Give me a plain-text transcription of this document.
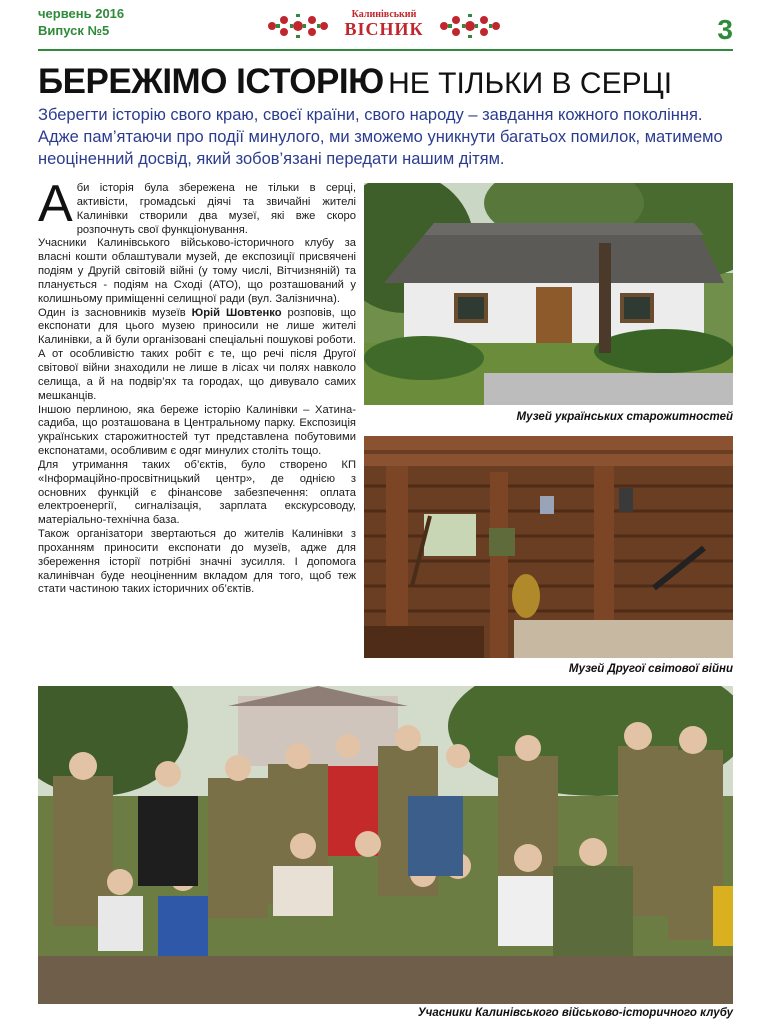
червень 2016
Випуск №5
Калинівський
ВІСНИК	3
БЕРЕЖІМО ІСТОРІЮ НЕ ТІЛЬКИ В СЕРЦІ
Зберегти історію свого краю, своєї країни, свого народу – завдання кожного покоління. Адже пам’ятаючи про події минулого, ми зможемо уникнути багатьох помилок, матимемо неоціненний досвід, який зобов’язані передати нашим дітям.

Аби історія була збережена не тільки в серці, активісти, громадські діячі та звичайні жителі Калинівки створили два музеї, які вже скоро розпочнуть свої функціонування.

Учасники Калинівського військово-історичного клубу за власні кошти облаштували музей, де експозиції присвячені подіям у Другій світовій війні (у тому числі, Вітчизняній) та планується - подіям на Сході (АТО), що розташований у колишньому приміщенні селищної ради (вул. Залізнична).

Один із засновників музеїв Юрій Шовтенко розповів, що експонати для цього музею приносили не лише жителі Калинівки, а й були організовані спеціальні пошукові роботи. А от особливістю таких робіт є те, що речі після Другої світової війни знаходили не лише в лісах чи полях навколо селища, а й на подвір’ях та городах, що дивувало самих мешканців.

Іншою перлиною, яка береже історію Калинівки – Хатина-садиба, що розташована в Центральному парку. Експозиція українських старожитностей тут представлена побутовими експонатами, особливим є одяг минулих століть тощо.

Для утримання таких об’єктів, було створено КП «Інформаційно-просвітницький центр», де однією з основних функцій є фінансове забезпечення: оплата електроенергії, сигналізація, зарплата екскурсоводу, матеріально-технічна база.

Також організатори звертаються до жителів Калинівки з проханням приносити експонати до музеїв, адже для збереження історії потрібні значні зусилля. І допомога калинівчан буде неоціненним вкладом для того, щоб теж стати частиною таких історичних об’єктів.

Музей українських старожитностей
Музей Другої світової війни
Учасники Калинівського військово-історичного клубу
